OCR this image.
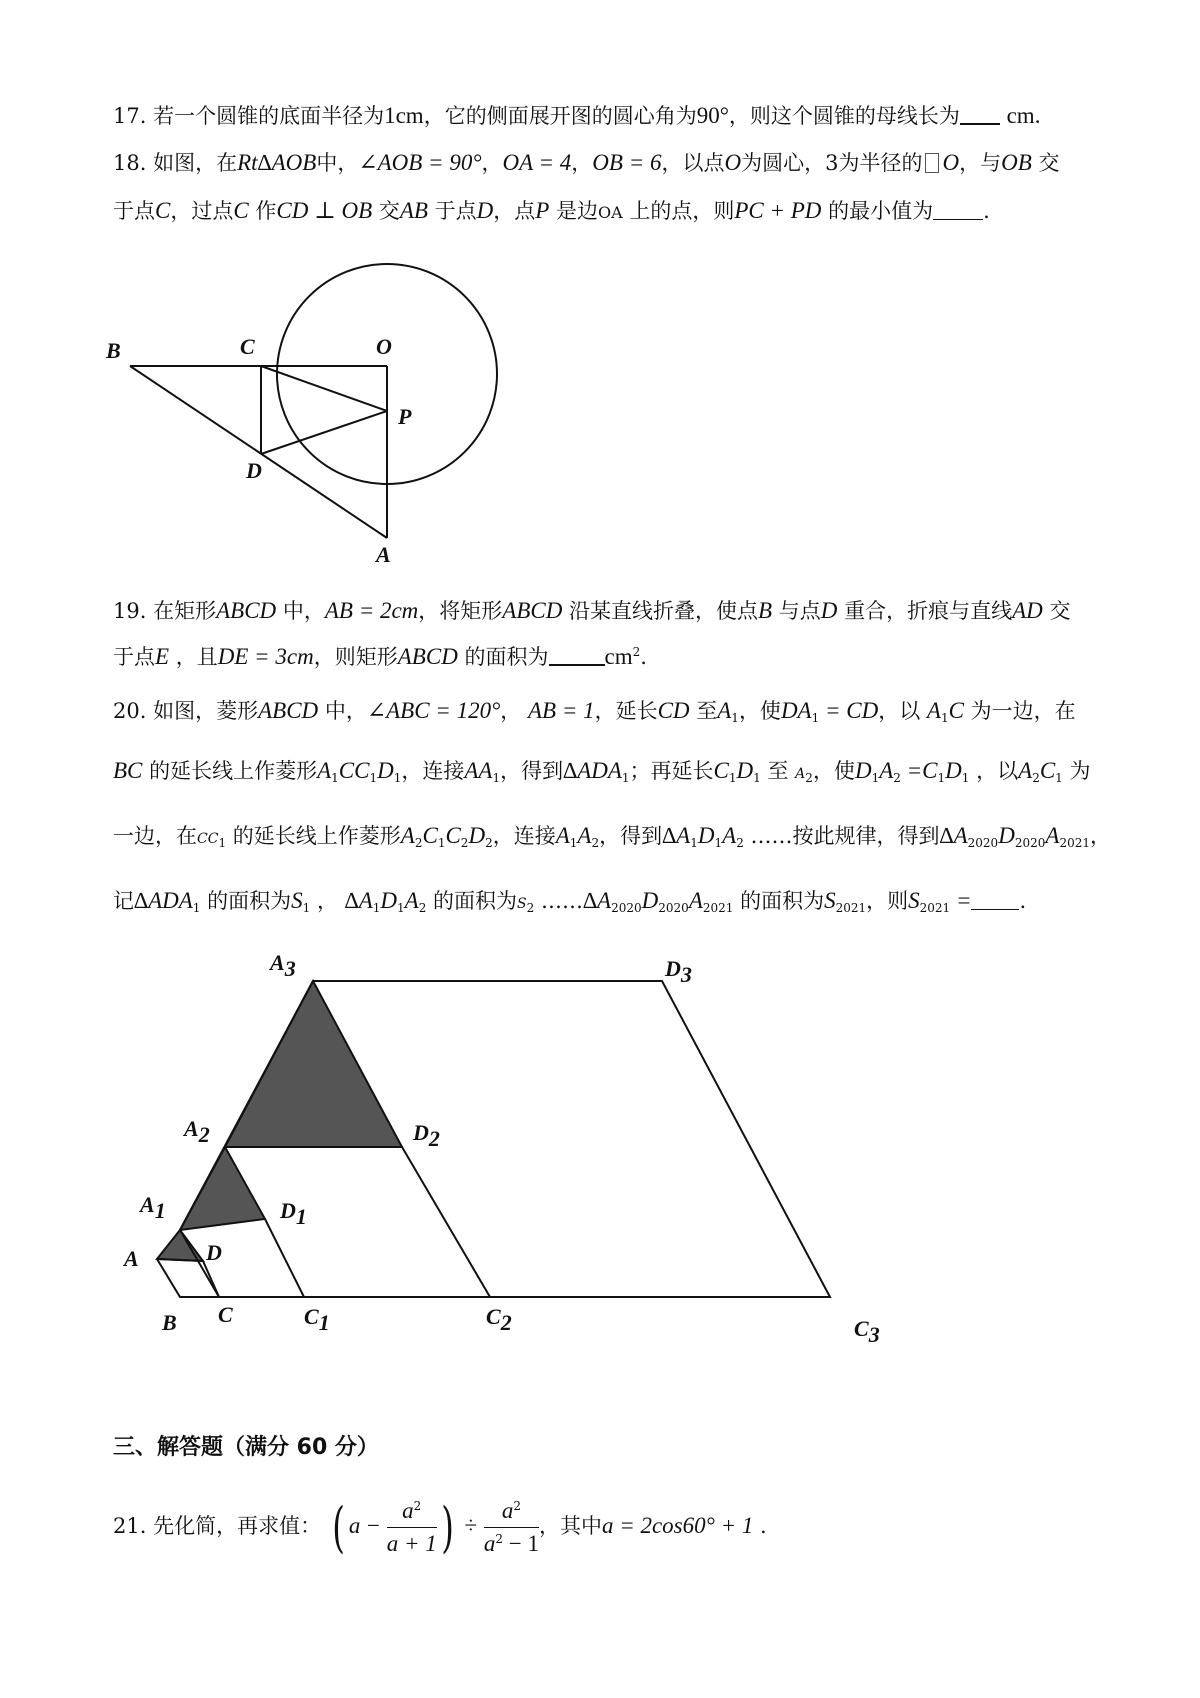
17. 若一个圆锥的底面半径为1cm，它的侧面展开图的圆心角为90°，则这个圆锥的母线长为 cm.
18. 如图，在Rt∆AOB中，∠AOB = 90°，OA = 4，OB = 6，以点O为圆心，3为半径的 O，与OB 交
于点C，过点C 作CD ⊥ OB 交AB 于点D，点P 是边OA 上的点，则PC + PD 的最小值为 .
B	C	O
P
D
A
19. 在矩形ABCD 中，AB = 2cm，将矩形ABCD 沿某直线折叠，使点B 与点D 重合，折痕与直线AD 交
于点E ，且DE = 3cm，则矩形ABCD 的面积为 $cm^2$.
20. 如图，菱形ABCD 中，∠ABC = 120°， AB = 1，延长CD 至$A_1$，使$DA_1$ = CD，以 $A_1C$ 为一边，在
BC 的延长线上作菱形$A_1CC_1D_1$，连接$AA_1$，得到$\Delta ADA_1$；再延长$C_1D_1$ 至 $A_2$，使$D_1A_2 =C_1D_1$ ，以$A_2C_1$ 为
一边，在$CC_1$ 的延长线上作菱形$A_2C_1C_2D_2$，连接$A_1A_2$，得到$\Delta A_1D_1A_2$ ……按此规律，得到$\Delta A_{2020}D_{2020}A_{2021}$，
记$\Delta ADA_1$ 的面积为$S_1$ ， $\Delta A_1D_1A_2$ 的面积为$S_2$ $\dots\dots\Delta A_{2020}D_{2020}A_{2021}$ 的面积为$S_{2021}$，则$S_{2021}$ = .
A3	D3
A2	D2
A1	D1
A	D
B C	C1	C2	C3
三、解答题（满分 60 分）
21. 先化简，再求值： ( $a - \frac{a^2}{a + 1}$ ) ÷ $\frac{a^2}{a^2 - 1}$ ，其中a = 2cos60° + 1 .
